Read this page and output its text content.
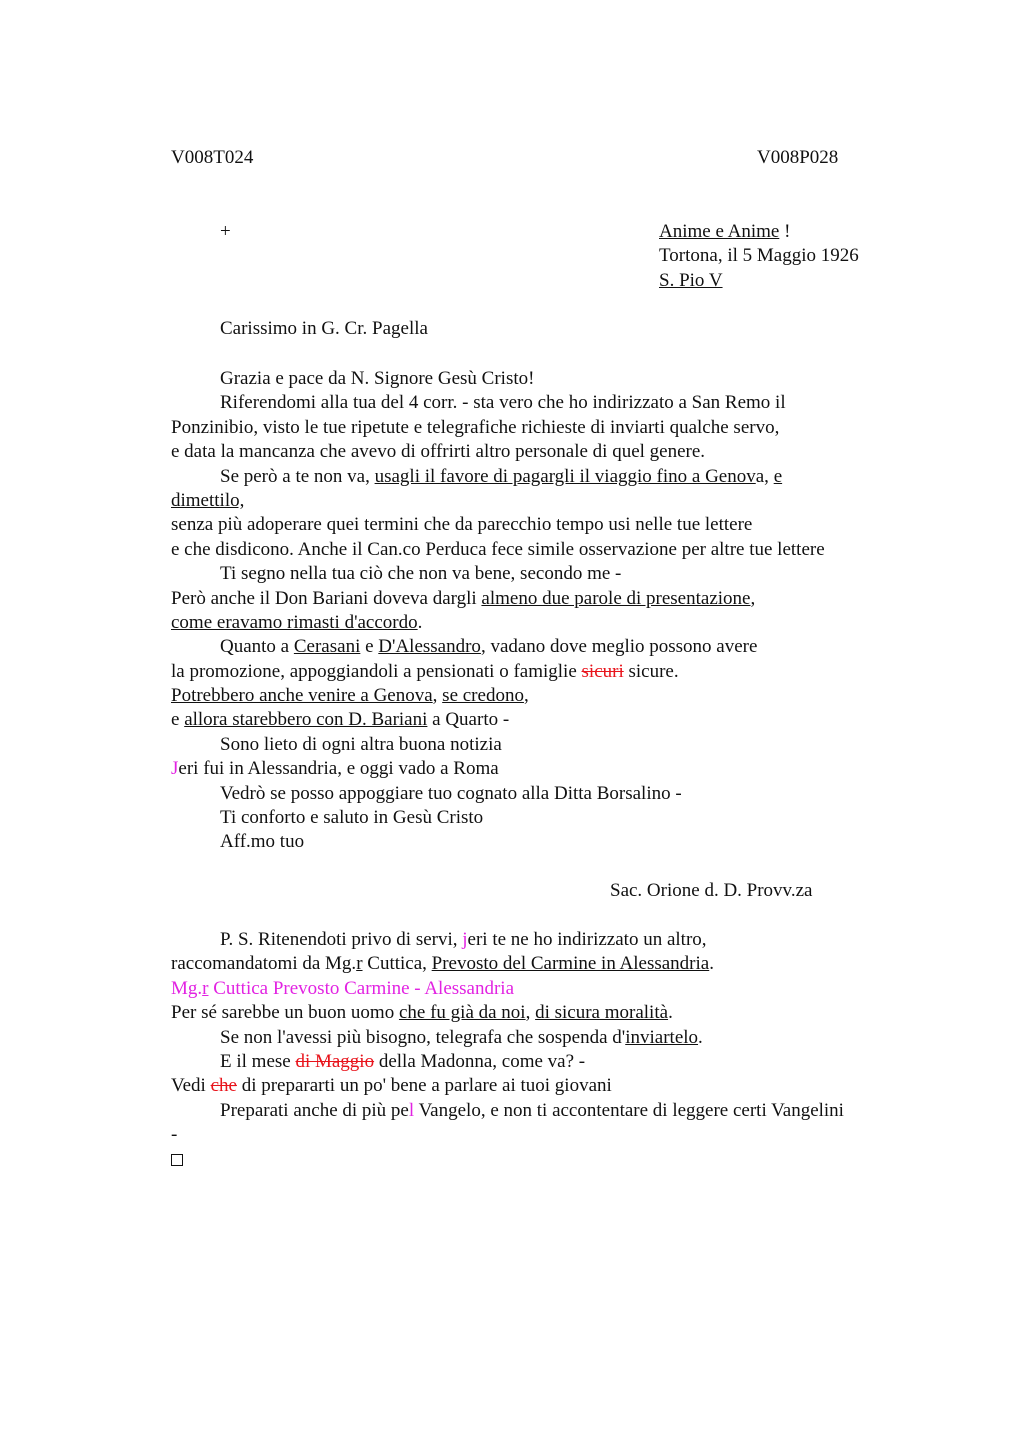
V008T024	V008P028
+	Anime e Anime !
Tortona, il 5 Maggio 1926
S. Pio V
Carissimo in G. Cr. Pagella
Grazia e pace da N. Signore Gesù Cristo!
Riferendomi alla tua del 4 corr. - sta vero che ho indirizzato a San Remo il
Ponzinibio, visto le tue ripetute e telegrafiche richieste di inviarti qualche servo,
e data la mancanza che avevo di offrirti altro personale di quel genere.
Se però a te non va, usagli il favore di pagargli il viaggio fino a Genova, e
dimettilo,
senza più adoperare quei termini che da parecchio tempo usi nelle tue lettere
e che disdicono. Anche il Can.co Perduca fece simile osservazione per altre tue lettere
Ti segno nella tua ciò che non va bene, secondo me -
Però anche il Don Bariani doveva dargli almeno due parole di presentazione,
come eravamo rimasti d'accordo.
Quanto a Cerasani e D'Alessandro, vadano dove meglio possono avere
la promozione, appoggiandoli a pensionati o famiglie sicuri sicure.
Potrebbero anche venire a Genova, se credono,
e allora starebbero con D. Bariani a Quarto -
Sono lieto di ogni altra buona notizia
Jeri fui in Alessandria, e oggi vado a Roma
Vedrò se posso appoggiare tuo cognato alla Ditta Borsalino -
Ti conforto e saluto in Gesù Cristo
Aff.mo tuo
Sac. Orione d. D. Provv.za
P. S. Ritenendoti privo di servi, jeri te ne ho indirizzato un altro,
raccomandatomi da Mg.r Cuttica, Prevosto del Carmine in Alessandria.
Mg.r Cuttica Prevosto Carmine - Alessandria
Per sé sarebbe un buon uomo che fu già da noi, di sicura moralità.
Se non l'avessi più bisogno, telegrafa che sospenda d'inviartelo.
E il mese di Maggio della Madonna, come va? -
Vedi che di prepararti un po' bene a parlare ai tuoi giovani
Preparati anche di più pel Vangelo, e non ti accontentare di leggere certi Vangelini
-
